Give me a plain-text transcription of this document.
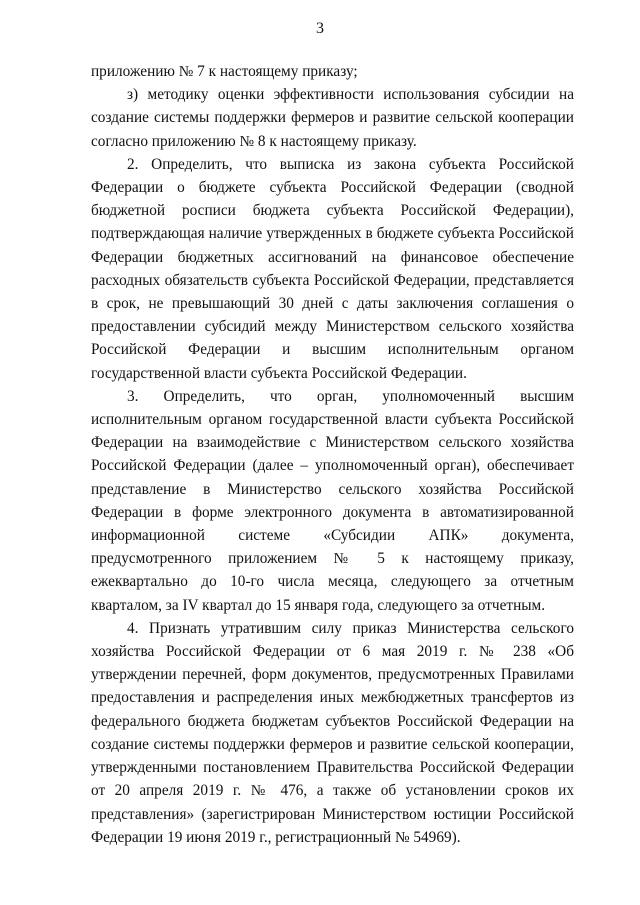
3

приложению № 7 к настоящему приказу;

з) методику оценки эффективности использования субсидии на создание системы поддержки фермеров и развитие сельской кооперации согласно приложению № 8 к настоящему приказу.

2. Определить, что выписка из закона субъекта Российской Федерации о бюджете субъекта Российской Федерации (сводной бюджетной росписи бюджета субъекта Российской Федерации), подтверждающая наличие утвержденных в бюджете субъекта Российской Федерации бюджетных ассигнований на финансовое обеспечение расходных обязательств субъекта Российской Федерации, представляется в срок, не превышающий 30 дней с даты заключения соглашения о предоставлении субсидий между Министерством сельского хозяйства Российской Федерации и высшим исполнительным органом государственной власти субъекта Российской Федерации.

3. Определить, что орган, уполномоченный высшим исполнительным органом государственной власти субъекта Российской Федерации на взаимодействие с Министерством сельского хозяйства Российской Федерации (далее – уполномоченный орган), обеспечивает представление в Министерство сельского хозяйства Российской Федерации в форме электронного документа в автоматизированной информационной системе «Субсидии АПК» документа, предусмотренного приложением № 5 к настоящему приказу, ежеквартально до 10-го числа месяца, следующего за отчетным кварталом, за IV квартал до 15 января года, следующего за отчетным.

4. Признать утратившим силу приказ Министерства сельского хозяйства Российской Федерации от 6 мая 2019 г. № 238 «Об утверждении перечней, форм документов, предусмотренных Правилами предоставления и распределения иных межбюджетных трансфертов из федерального бюджета бюджетам субъектов Российской Федерации на создание системы поддержки фермеров и развитие сельской кооперации, утвержденными постановлением Правительства Российской Федерации от 20 апреля 2019 г. № 476, а также об установлении сроков их представления» (зарегистрирован Министерством юстиции Российской Федерации 19 июня 2019 г., регистрационный № 54969).
